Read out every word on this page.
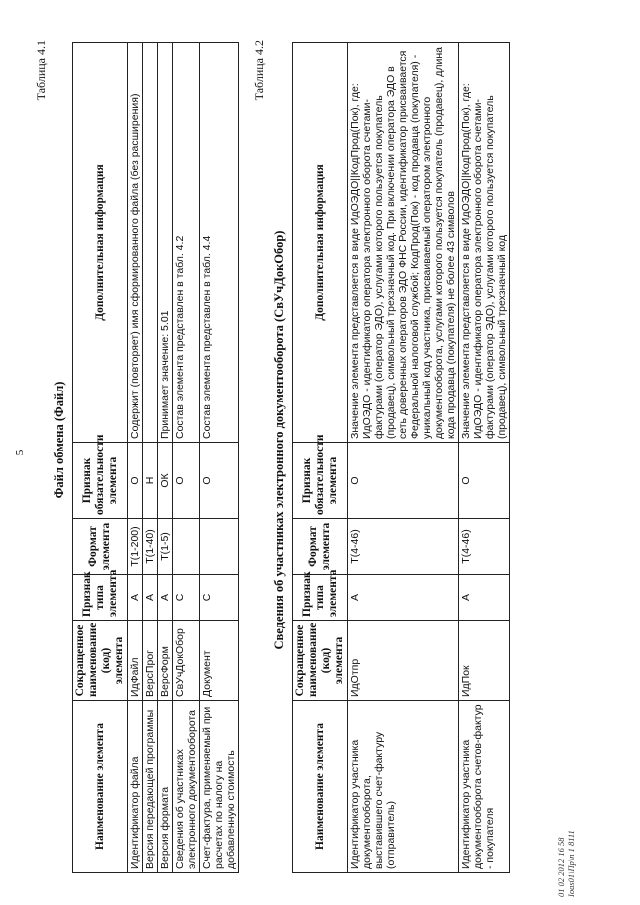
5
Таблица 4.1
Файл обмена (Файл)
Наименование элемента	Сокращенное наименование (код) элемента	Признак типа элемента	Формат элемента	Признак обязательности элемента	Дополнительная информация
Идентификатор файла	ИдФайл	А	T(1-200)	О	Содержит (повторяет) имя сформированного файла (без расширения)
Версия передающей программы	ВерсПрог	А	T(1-40)	Н	
Версия формата	ВерсФорм	А	T(1-5)	ОК	Принимает значение: 5.01
Сведения об участниках электронного документооборота	СвУчДокОбор	С		О	Состав элемента представлен в табл. 4.2
Счет-фактура, применяемый при расчетах по налогу на добавленную стоимость	Документ	С		О	Состав элемента представлен в табл. 4.4
Таблица 4.2
Сведения об участниках электронного документооборота (СвУчДокОбор)
Наименование элемента	Сокращенное наименование (код) элемента	Признак типа элемента	Формат элемента	Признак обязательности элемента	Дополнительная информация
Идентификатор участника документооборота, выставившего счет-фактуру (отправитель)	ИдОтпр	А	T(4-46)	О	Значение элемента представляется в виде ИдОЭДО||КодПрод(Пок), где: ИдОЭДО - идентификатор оператора электронного оборота счетами-фактурами (оператор ЭДО), услугами которого пользуется покупатель (продавец), символьный трехзначный код. При включении оператора ЭДО в сеть доверенных операторов ЭДО ФНС России, идентификатор присваивается Федеральной налоговой службой; КодПрод(Пок) - код продавца (покупателя) - уникальный код участника, присваиваемый оператором электронного документооборота, услугами которого пользуется покупатель (продавец), длина кода продавца (покупателя) не более 43 символов
Идентификатор участника документооборота счетов-фактур - покупателя	ИдПок	А	T(4-46)	О	Значение элемента представляется в виде ИдОЭДО||КодПрод(Пок), где: ИдОЭДО - идентификатор оператора электронного оборота счетами-фактурами (оператор ЭДО), услугами которого пользуется покупатель (продавец), символьный трехзначный код
01 02 2012 16 58 Ioas01\Пр\п 1 8111
